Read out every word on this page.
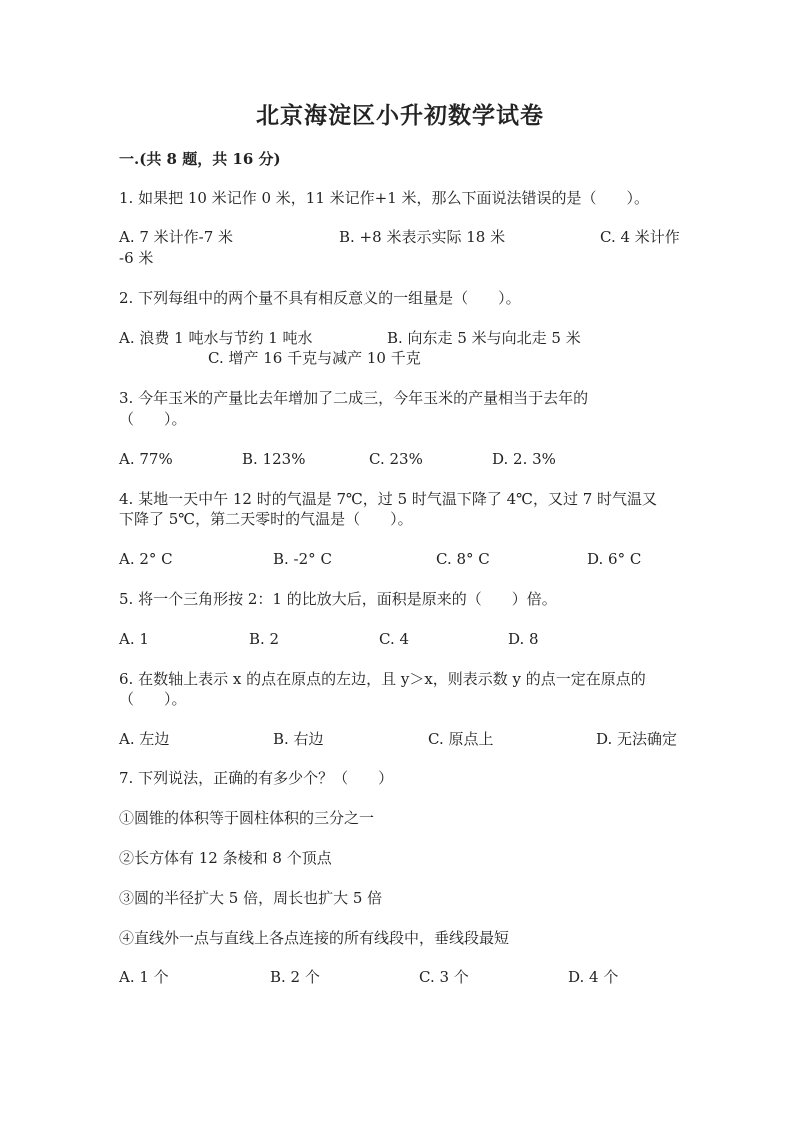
北京海淀区小升初数学试卷
一.(共 8 题，共 16 分)
1. 如果把 10 米记作 0 米，11 米记作+1 米，那么下面说法错误的是（　　）。
A. 7 米计作-7 米	B. +8 米表示实际 18 米	C. 4 米计作
-6 米
2. 下列每组中的两个量不具有相反意义的一组量是（　　）。
A. 浪费 1 吨水与节约 1 吨水	B. 向东走 5 米与向北走 5 米
C. 增产 16 千克与减产 10 千克
3. 今年玉米的产量比去年增加了二成三，今年玉米的产量相当于去年的
（　　）。
A. 77%	B. 123%	C. 23%	D. 2. 3%
4. 某地一天中午 12 时的气温是 7℃，过 5 时气温下降了 4℃，又过 7 时气温又
下降了 5℃，第二天零时的气温是（　　）。
A. 2° C	B. -2° C	C. 8° C	D. 6° C
5. 将一个三角形按 2：1 的比放大后，面积是原来的（　　）倍。
A. 1	B. 2	C. 4	D. 8
6. 在数轴上表示 x 的点在原点的左边，且 y＞x，则表示数 y 的点一定在原点的
（　　）。
A. 左边	B. 右边	C. 原点上	D. 无法确定
7. 下列说法，正确的有多少个？（　　）
①圆锥的体积等于圆柱体积的三分之一
②长方体有 12 条棱和 8 个顶点
③圆的半径扩大 5 倍，周长也扩大 5 倍
④直线外一点与直线上各点连接的所有线段中，垂线段最短
A. 1 个	B. 2 个	C. 3 个	D. 4 个
